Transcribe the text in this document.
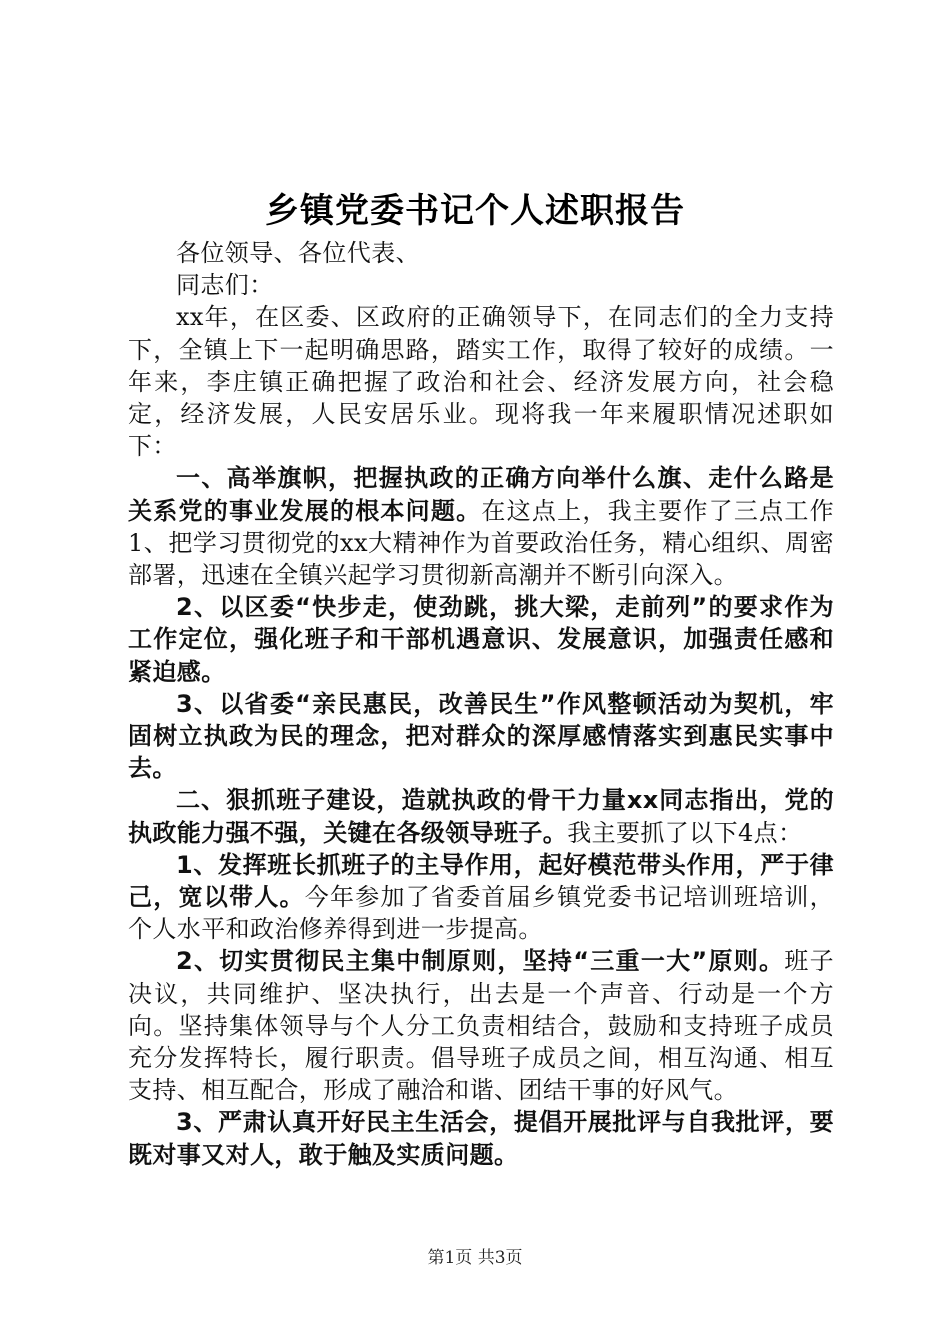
乡镇党委书记个人述职报告

各位领导、各位代表、

同志们：

xx年，在区委、区政府的正确领导下，在同志们的全力支持下，全镇上下一起明确思路，踏实工作，取得了较好的成绩。一年来，李庄镇正确把握了政治和社会、经济发展方向，社会稳定，经济发展，人民安居乐业。现将我一年来履职情况述职如下：

一、高举旗帜，把握执政的正确方向举什么旗、走什么路是关系党的事业发展的根本问题。在这点上，我主要作了三点工作1、把学习贯彻党的xx大精神作为首要政治任务，精心组织、周密部署，迅速在全镇兴起学习贯彻新高潮并不断引向深入。

2、以区委“快步走，使劲跳，挑大梁，走前列”的要求作为工作定位，强化班子和干部机遇意识、发展意识，加强责任感和紧迫感。

3、以省委“亲民惠民，改善民生”作风整顿活动为契机，牢固树立执政为民的理念，把对群众的深厚感情落实到惠民实事中去。

二、狠抓班子建设，造就执政的骨干力量xx同志指出，党的执政能力强不强，关键在各级领导班子。我主要抓了以下4点：

1、发挥班长抓班子的主导作用，起好模范带头作用，严于律己，宽以带人。今年参加了省委首届乡镇党委书记培训班培训，个人水平和政治修养得到进一步提高。

2、切实贯彻民主集中制原则，坚持“三重一大”原则。班子决议，共同维护、坚决执行，出去是一个声音、行动是一个方向。坚持集体领导与个人分工负责相结合，鼓励和支持班子成员充分发挥特长，履行职责。倡导班子成员之间，相互沟通、相互支持、相互配合，形成了融洽和谐、团结干事的好风气。

3、严肃认真开好民主生活会，提倡开展批评与自我批评，要既对事又对人，敢于触及实质问题。

第1页 共3页
